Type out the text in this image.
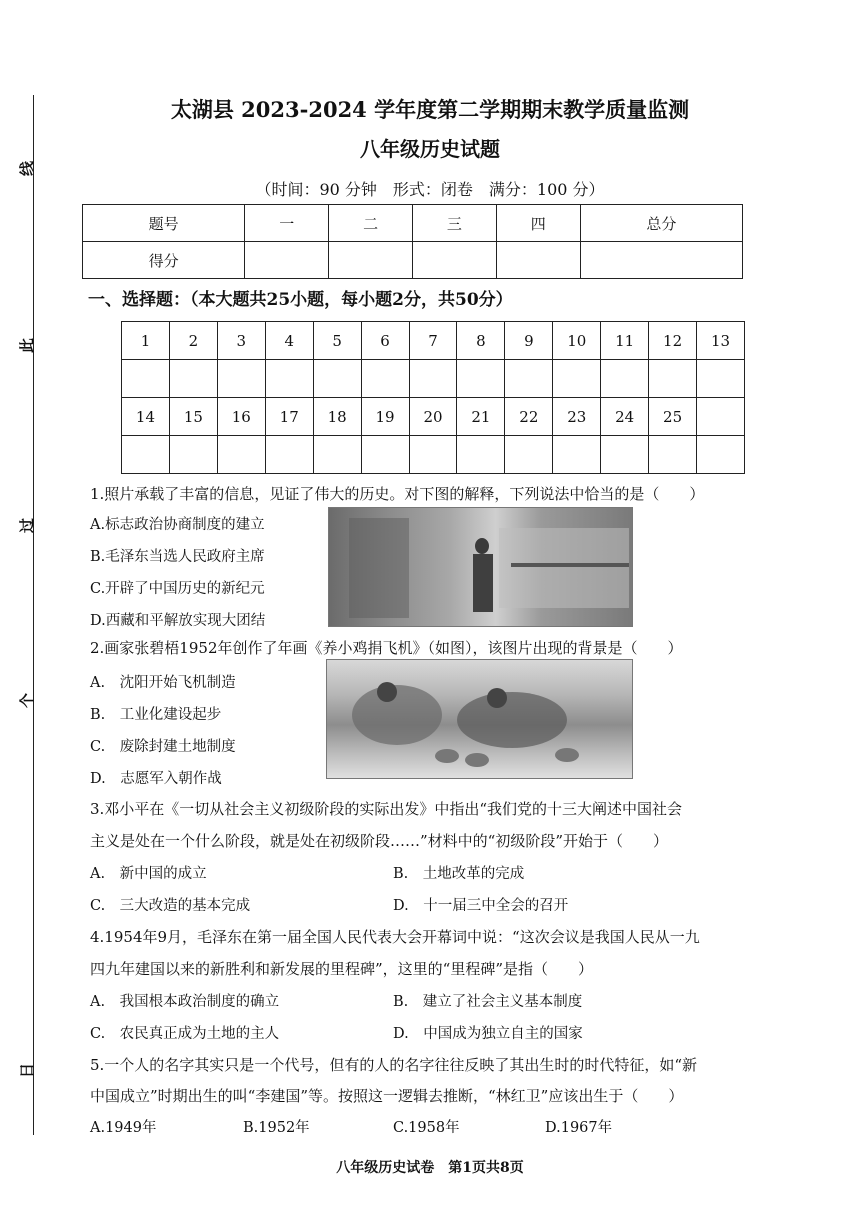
线
此
过
个
日
太湖县 2023-2024 学年度第二学期期末教学质量监测
八年级历史试题
（时间：90 分钟　形式：闭卷　满分：100 分）
题号	一	二	三	四	总分
得分					
一、选择题：（本大题共25小题，每小题2分，共50分）
1	2	3	4	5	6	7	8	9	10	11	12	13

14	15	16	17	18	19	20	21	22	23	24	25	

1.照片承载了丰富的信息，见证了伟大的历史。对下图的解释，下列说法中恰当的是（　　）
A.标志政治协商制度的建立
B.毛泽东当选人民政府主席
C.开辟了中国历史的新纪元
D.西藏和平解放实现大团结
2.画家张碧梧1952年创作了年画《养小鸡捐飞机》（如图），该图片出现的背景是（　　）
A.　沈阳开始飞机制造
B.　工业化建设起步
C.　废除封建土地制度
D.　志愿军入朝作战
3.邓小平在《一切从社会主义初级阶段的实际出发》中指出“我们党的十三大阐述中国社会
主义是处在一个什么阶段，就是处在初级阶段……”材料中的“初级阶段”开始于（　　）
A.　新中国的成立	B.　土地改革的完成
C.　三大改造的基本完成	D.　十一届三中全会的召开
4.1954年9月，毛泽东在第一届全国人民代表大会开幕词中说：“这次会议是我国人民从一九
四九年建国以来的新胜利和新发展的里程碑”，这里的“里程碑”是指（　　）
A.　我国根本政治制度的确立	B.　建立了社会主义基本制度
C.　农民真正成为土地的主人	D.　中国成为独立自主的国家
5.一个人的名字其实只是一个代号，但有的人的名字往往反映了其出生时的时代特征，如“新
中国成立”时期出生的叫“李建国”等。按照这一逻辑去推断，“林红卫”应该出生于（　　）
A.1949年	B.1952年	C.1958年	D.1967年
八年级历史试卷　第1页共8页
